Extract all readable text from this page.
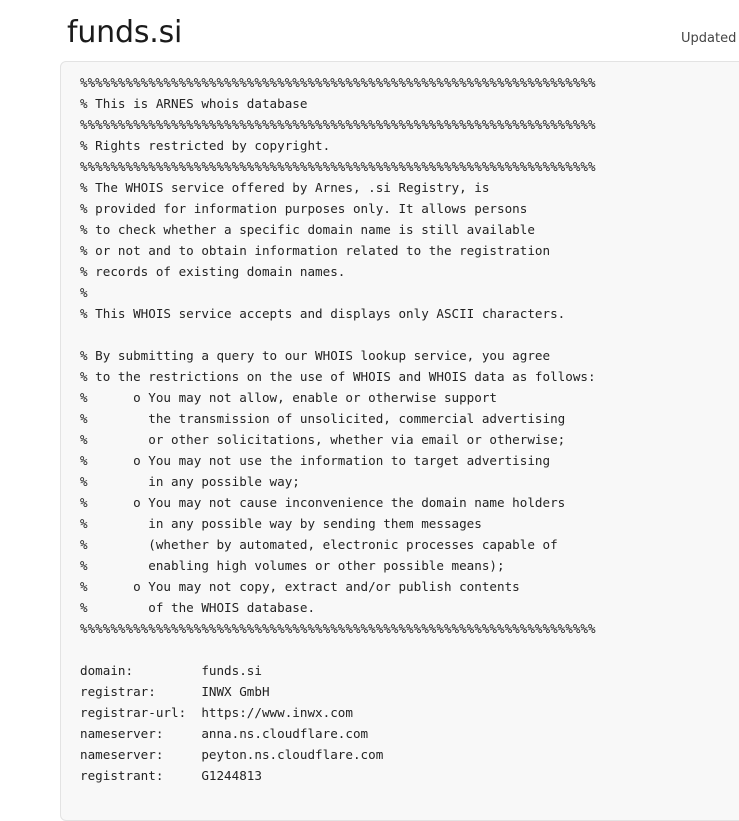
funds.si	Updated
%%%%%%%%%%%%%%%%%%%%%%%%%%%%%%%%%%%%%%%%%%%%%%%%%%%%%%%%%%%%%%%%%%%%
% This is ARNES whois database
%%%%%%%%%%%%%%%%%%%%%%%%%%%%%%%%%%%%%%%%%%%%%%%%%%%%%%%%%%%%%%%%%%%%
% Rights restricted by copyright.
%%%%%%%%%%%%%%%%%%%%%%%%%%%%%%%%%%%%%%%%%%%%%%%%%%%%%%%%%%%%%%%%%%%%
% The WHOIS service offered by Arnes, .si Registry, is
% provided for information purposes only. It allows persons
% to check whether a specific domain name is still available
% or not and to obtain information related to the registration
% records of existing domain names.
%
% This WHOIS service accepts and displays only ASCII characters.
% By submitting a query to our WHOIS lookup service, you agree
% to the restrictions on the use of WHOIS and WHOIS data as follows:
%      o You may not allow, enable or otherwise support
%        the transmission of unsolicited, commercial advertising
%        or other solicitations, whether via email or otherwise;
%      o You may not use the information to target advertising
%        in any possible way;
%      o You may not cause inconvenience the domain name holders
%        in any possible way by sending them messages
%        (whether by automated, electronic processes capable of
%        enabling high volumes or other possible means);
%      o You may not copy, extract and/or publish contents
%        of the WHOIS database.
%%%%%%%%%%%%%%%%%%%%%%%%%%%%%%%%%%%%%%%%%%%%%%%%%%%%%%%%%%%%%%%%%%%%
domain:         funds.si
registrar:      INWX GmbH
registrar-url:  https://www.inwx.com
nameserver:     anna.ns.cloudflare.com
nameserver:     peyton.ns.cloudflare.com
registrant:     G1244813
